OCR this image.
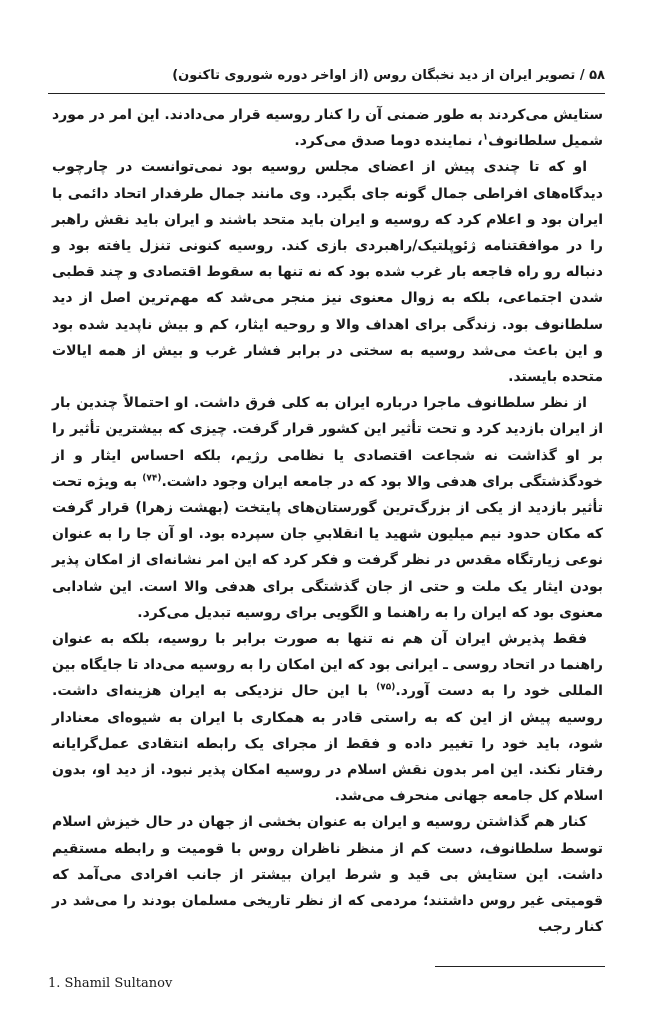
۵۸ / تصویر ایران از دید نخبگان روس (از اواخر دوره شوروی تاکنون)

ستایش می‌کردند به طور ضمنی آن را کنار روسیه قرار می‌دادند. این امر در مورد شمیل سلطانوف$^۱$، نماینده دوما صدق می‌کرد.

او که تا چندی پیش از اعضای مجلس روسیه بود نمی‌توانست در چارچوب دیدگاه‌های افراطی جمال گونه جای بگیرد. وی مانند جمال طرفدار اتحاد دائمی با ایران بود و اعلام کرد که روسیه و ایران باید متحد باشند و ایران باید نقش راهبر را در موافقتنامه ژئوپلتیک/راهبردی بازی کند. روسیه کنونی تنزل یافته بود و دنباله رو راه فاجعه بار غرب شده بود که نه تنها به سقوط اقتصادی و چند قطبی شدن اجتماعی، بلکه به زوال معنوی نیز منجر می‌شد که مهم‌ترین اصل از دید سلطانوف بود. زندگی برای اهداف والا و روحیه ایثار، کم و بیش ناپدید شده بود و این باعث می‌شد روسیه به سختی در برابر فشار غرب و بیش از همه ایالات متحده بایستد.

از نظر سلطانوف ماجرا درباره ایران به کلی فرق داشت. او احتمالاً چندین بار از ایران بازدید کرد و تحت تأثیر این کشور قرار گرفت. چیزی که بیشترین تأثیر را بر او گذاشت نه شجاعت اقتصادی یا نظامی رژیم، بلکه احساس ایثار و از خودگذشتگی برای هدفی والا بود که در جامعه ایران وجود داشت.$^{(۷۴)}$ به ویژه تحت تأثیر بازدید از یکی از بزرگ‌ترین گورستان‌های پایتخت (بهشت زهرا) قرار گرفت که مکان حدود نیم میلیون شهید یا انقلابیِ جان سپرده بود. او آن جا را به عنوان نوعی زیارتگاه مقدس در نظر گرفت و فکر کرد که این امر نشانه‌ای از امکان پذیر بودن ایثار یک ملت و حتی از جان گذشتگی برای هدفی والا است. این شادابی معنوی بود که ایران را به راهنما و الگویی برای روسیه تبدیل می‌کرد.

فقط پذیرش ایران آن هم نه تنها به صورت برابر با روسیه، بلکه به عنوان راهنما در اتحاد روسی ـ ایرانی بود که این امکان را به روسیه می‌داد تا جایگاه بین المللی خود را به دست آورد.$^{(۷۵)}$ با این حال نزدیکی به ایران هزینه‌ای داشت. روسیه پیش از این که به راستی قادر به همکاری با ایران به شیوه‌ای معنادار شود، باید خود را تغییر داده و فقط از مجرای یک رابطه انتقادی عمل‌گرایانه رفتار نکند. این امر بدون نقش اسلام در روسیه امکان پذیر نبود. از دید او، بدون اسلام کل جامعه جهانی منحرف می‌شد.

کنار هم گذاشتن روسیه و ایران به عنوان بخشی از جهان در حال خیزش اسلام توسط سلطانوف، دست کم از منظر ناظران روس با قومیت و رابطه مستقیم داشت. این ستایش بی قید و شرط ایران بیشتر از جانب افرادی می‌آمد که قومیتی غیر روس داشتند؛ مردمی که از نظر تاریخی مسلمان بودند را می‌شد در کنار رجب

1. Shamil Sultanov
